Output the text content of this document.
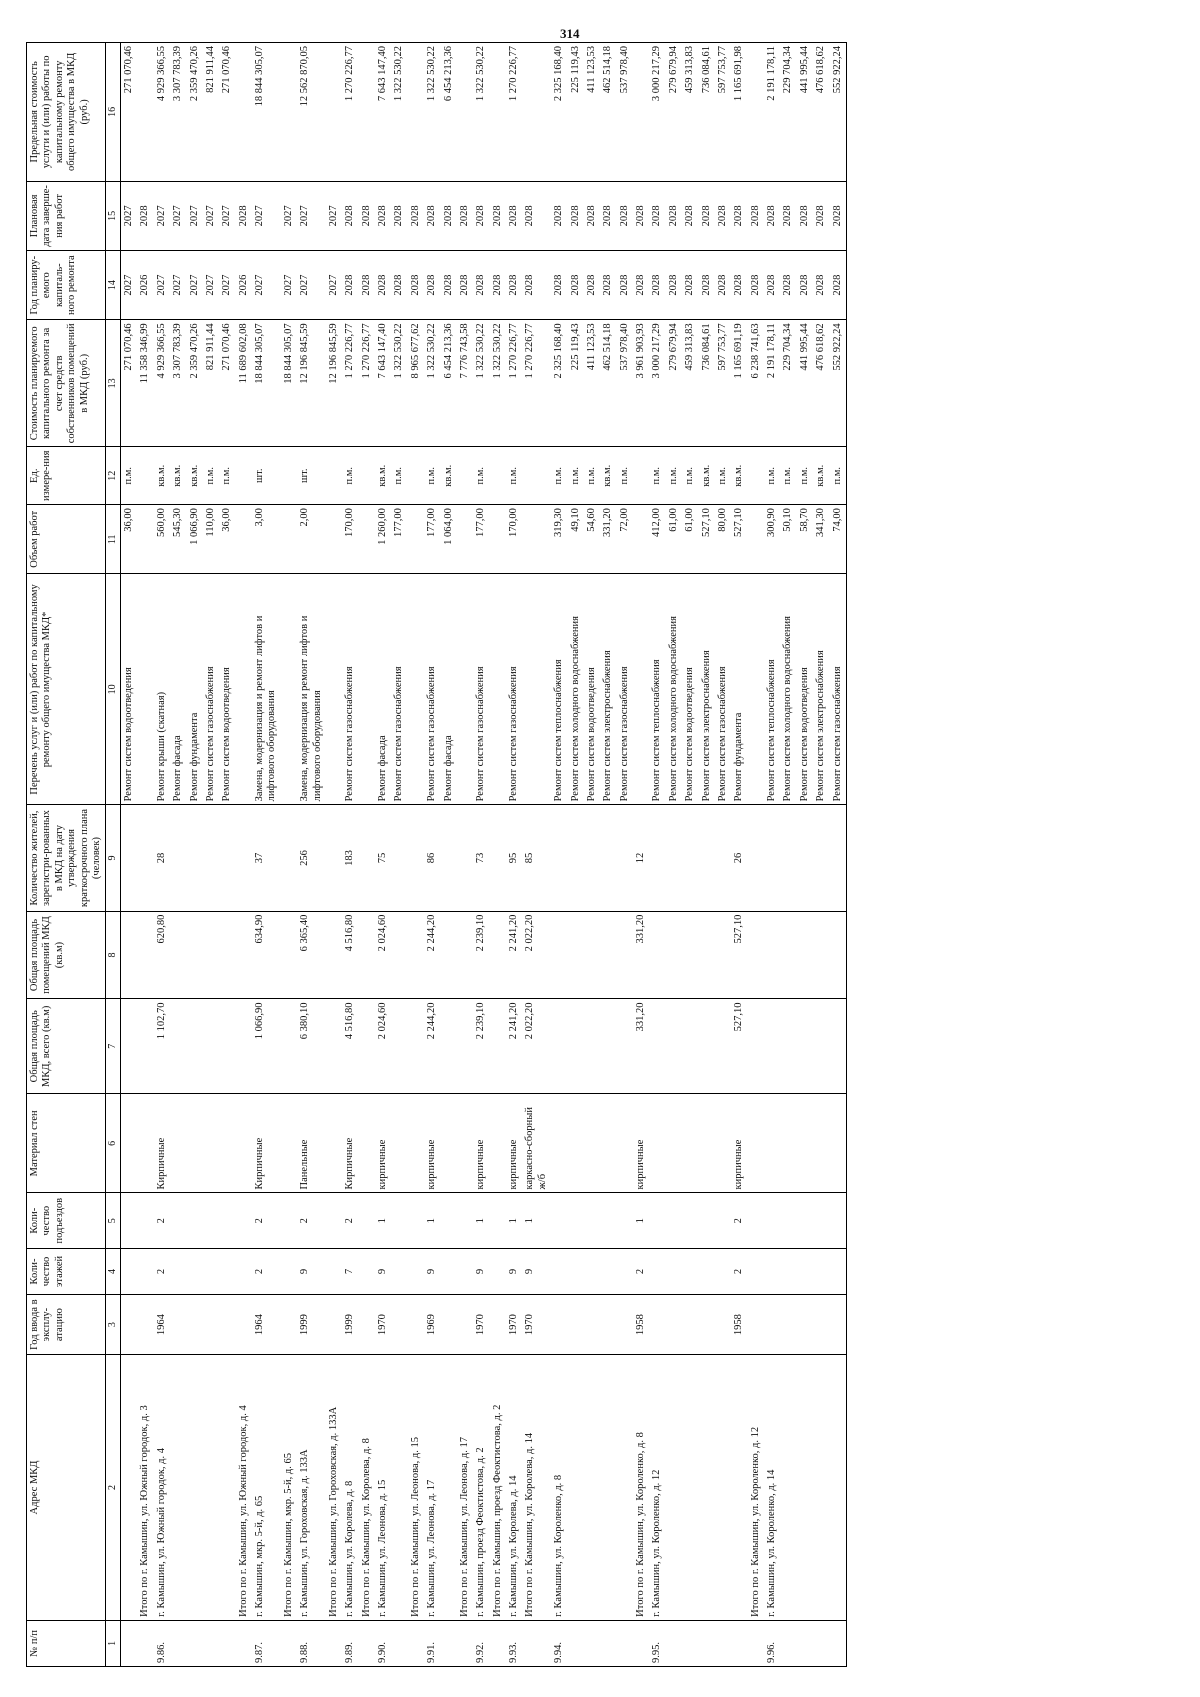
314
№ п/п	Адрес МКД	Год ввода в эксплу-атацию	Коли-чество этажей	Коли-чество подъездов	Материал стен	Общая площадь МКД, всего (кв.м)	Общая площадь помещений МКД (кв.м)	Количество жителей, зарегистри-рованных в МКД на дату утверждения краткосрочного плана (человек)	Перечень услуг и (или) работ по капитальному ремонту общего имущества МКД*	Объем работ	Ед. измере-ния	Стоимость планируемого капитального ремонта за счет средств собственников помещений в МКД (руб.)	Год планиру-емого капиталь-ного ремонта	Плановая дата заверше-ния работ	Предельная стоимость услуги и (или) работы по капитальному ремонту общего имущества в МКД (руб.)
1	2	3	4	5	6	7	8	9	10	11	12	13	14	15	16
									Ремонт систем водоотведения	36,00	п.м.	271 070,46	2027	2027	271 070,46
	Итого по г. Камышин, ул. Южный городок, д. 3											11 358 346,99	2026	2028	
9.86.	г. Камышин, ул. Южный городок, д. 4	1964	2	2	Кирпичные	1 102,70	620,80	28	Ремонт крыши (скатная)	560,00	кв.м.	4 929 366,55	2027	2027	4 929 366,55
									Ремонт фасада	545,30	кв.м.	3 307 783,39	2027	2027	3 307 783,39
									Ремонт фундамента	1 066,90	кв.м.	2 359 470,26	2027	2027	2 359 470,26
									Ремонт систем газоснабжения	110,00	п.м.	821 911,44	2027	2027	821 911,44
									Ремонт систем водоотведения	36,00	п.м.	271 070,46	2027	2027	271 070,46
	Итого по г. Камышин, ул. Южный городок, д. 4											11 689 602,08	2026	2028	
9.87.	г. Камышин, мкр. 5-й, д. 65	1964	2	2	Кирпичные	1 066,90	634,90	37	Замена, модернизация и ремонт лифтов и лифтового оборудования	3,00	шт.	18 844 305,07	2027	2027	18 844 305,07
	Итого по г. Камышин, мкр. 5-й, д. 65											18 844 305,07	2027	2027	
9.88.	г. Камышин, ул. Гороховская, д. 133А	1999	9	2	Панельные	6 380,10	6 365,40	256	Замена, модернизация и ремонт лифтов и лифтового оборудования	2,00	шт.	12 196 845,59	2027	2027	12 562 870,05
	Итого по г. Камышин, ул. Гороховская, д. 133А											12 196 845,59	2027	2027	
9.89.	г. Камышин, ул. Королева, д. 8	1999	7	2	Кирпичные	4 516,80	4 516,80	183	Ремонт систем газоснабжения	170,00	п.м.	1 270 226,77	2028	2028	1 270 226,77
	Итого по г. Камышин, ул. Королева, д. 8											1 270 226,77	2028	2028	
9.90.	г. Камышин, ул. Леонова, д. 15	1970	9	1	кирпичные	2 024,60	2 024,60	75	Ремонт фасада	1 260,00	кв.м.	7 643 147,40	2028	2028	7 643 147,40
									Ремонт систем газоснабжения	177,00	п.м.	1 322 530,22	2028	2028	1 322 530,22
	Итого по г. Камышин, ул. Леонова, д. 15											8 965 677,62	2028	2028	
9.91.	г. Камышин, ул. Леонова, д. 17	1969	9	1	кирпичные	2 244,20	2 244,20	86	Ремонт систем газоснабжения	177,00	п.м.	1 322 530,22	2028	2028	1 322 530,22
									Ремонт фасада	1 064,00	кв.м.	6 454 213,36	2028	2028	6 454 213,36
	Итого по г. Камышин, ул. Леонова, д. 17											7 776 743,58	2028	2028	
9.92.	г. Камышин, проезд Феоктистова, д. 2	1970	9	1	кирпичные	2 239,10	2 239,10	73	Ремонт систем газоснабжения	177,00	п.м.	1 322 530,22	2028	2028	1 322 530,22
	Итого по г. Камышин, проезд Феоктистова, д. 2											1 322 530,22	2028	2028	
9.93.	г. Камышин, ул. Королева, д. 14	1970	9	1	кирпичные	2 241,20	2 241,20	95	Ремонт систем газоснабжения	170,00	п.м.	1 270 226,77	2028	2028	1 270 226,77
	Итого по г. Камышин, ул. Королева, д. 14	1970	9	1	каркасно-сборный ж/б	2 022,20	2 022,20	85				1 270 226,77	2028	2028	
9.94.	г. Камышин, ул. Короленко, д. 8								Ремонт систем теплоснабжения	319,30	п.м.	2 325 168,40	2028	2028	2 325 168,40
									Ремонт систем холодного водоснабжения	49,10	п.м.	225 119,43	2028	2028	225 119,43
									Ремонт систем водоотведения	54,60	п.м.	411 123,53	2028	2028	411 123,53
									Ремонт систем электроснабжения	331,20	кв.м.	462 514,18	2028	2028	462 514,18
									Ремонт систем газоснабжения	72,00	п.м.	537 978,40	2028	2028	537 978,40
	Итого по г. Камышин, ул. Короленко, д. 8	1958	2	1	кирпичные	331,20	331,20	12				3 961 903,93	2028	2028	
9.95.	г. Камышин, ул. Короленко, д. 12								Ремонт систем теплоснабжения	412,00	п.м.	3 000 217,29	2028	2028	3 000 217,29
									Ремонт систем холодного водоснабжения	61,00	п.м.	279 679,94	2028	2028	279 679,94
									Ремонт систем водоотведения	61,00	п.м.	459 313,83	2028	2028	459 313,83
									Ремонт систем электроснабжения	527,10	кв.м.	736 084,61	2028	2028	736 084,61
									Ремонт систем газоснабжения	80,00	п.м.	597 753,77	2028	2028	597 753,77
		1958	2	2	кирпичные	527,10	527,10	26	Ремонт фундамента	527,10	кв.м.	1 165 691,19	2028	2028	1 165 691,98
	Итого по г. Камышин, ул. Короленко, д. 12											6 238 741,63	2028	2028	
9.96.	г. Камышин, ул. Короленко, д. 14								Ремонт систем теплоснабжения	300,90	п.м.	2 191 178,11	2028	2028	2 191 178,11
									Ремонт систем холодного водоснабжения	50,10	п.м.	229 704,34	2028	2028	229 704,34
									Ремонт систем водоотведения	58,70	п.м.	441 995,44	2028	2028	441 995,44
									Ремонт систем электроснабжения	341,30	кв.м.	476 618,62	2028	2028	476 618,62
									Ремонт систем газоснабжения	74,00	п.м.	552 922,24	2028	2028	552 922,24
